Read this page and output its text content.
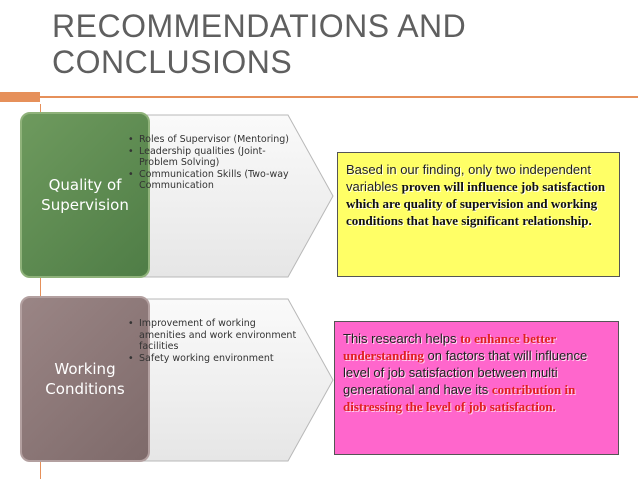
RECOMMENDATIONS AND
CONCLUSIONS
Quality of Supervision
• Roles of Supervisor (Mentoring)
• Leadership qualities (Joint-Problem Solving)
• Communication Skills (Two-way Communication
Working Conditions
• Improvement of working amenities and work environment facilities
• Safety working environment
Based in our finding, only two independent variables proven will influence job satisfaction which are quality of supervision and working conditions that have significant relationship.
This research helps to enhance better understanding on factors that will influence level of job satisfaction between multi generational and have its contribution in distressing the level of job satisfaction.
